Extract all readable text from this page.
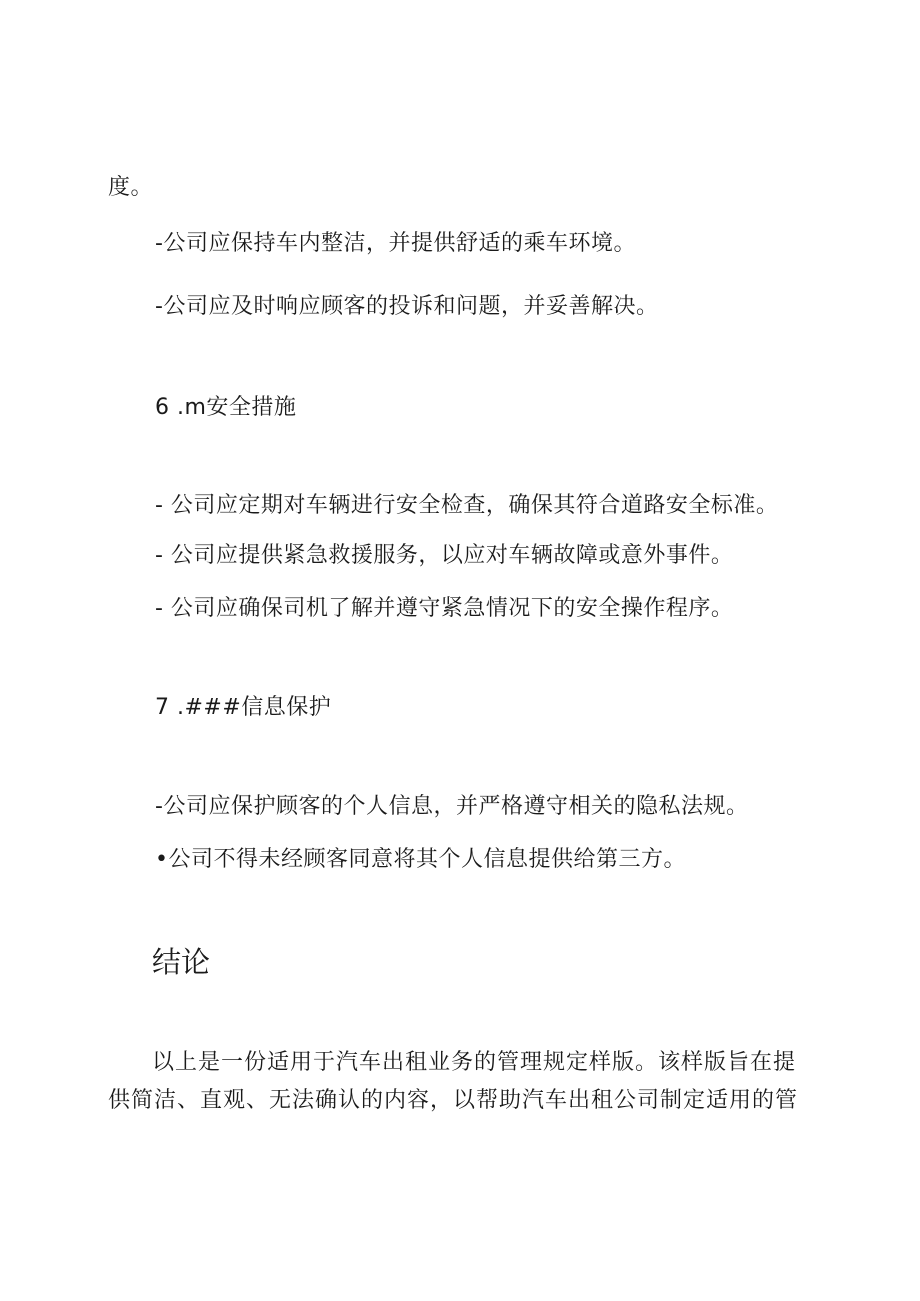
度。
-公司应保持车内整洁，并提供舒适的乘车环境。
-公司应及时响应顾客的投诉和问题，并妥善解决。
6 .m安全措施
- 公司应定期对车辆进行安全检查，确保其符合道路安全标准。
- 公司应提供紧急救援服务，以应对车辆故障或意外事件。
- 公司应确保司机了解并遵守紧急情况下的安全操作程序。
7 .###信息保护
-公司应保护顾客的个人信息，并严格遵守相关的隐私法规。
•公司不得未经顾客同意将其个人信息提供给第三方。
结论
以上是一份适用于汽车出租业务的管理规定样版。该样版旨在提供简洁、直观、无法确认的内容，以帮助汽车出租公司制定适用的管
